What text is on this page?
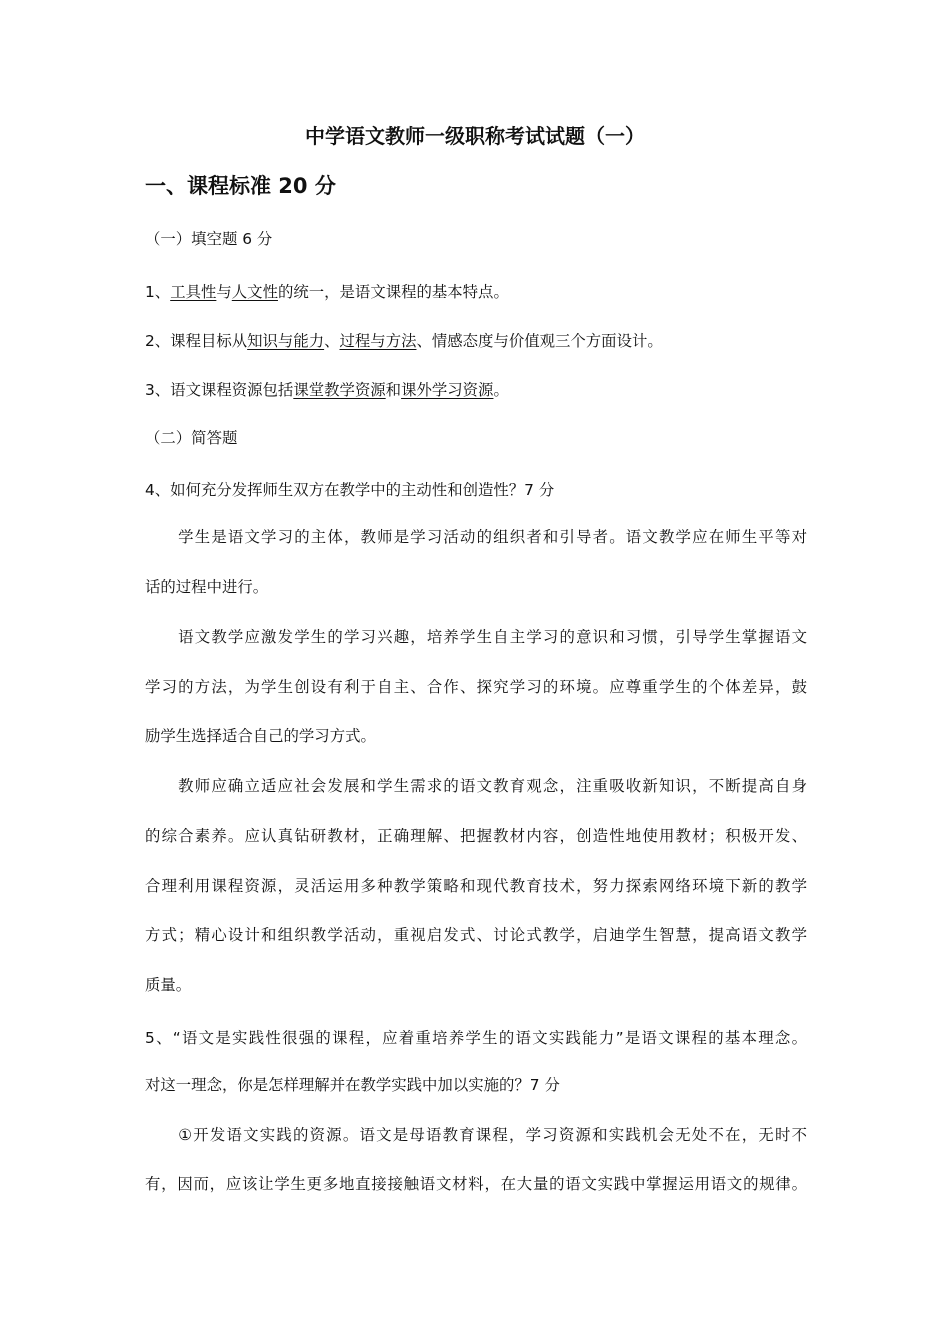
中学语文教师一级职称考试试题（一）
一、课程标准 20 分
（一）填空题 6 分
1、工具性与人文性的统一，是语文课程的基本特点。
2、课程目标从知识与能力、过程与方法、情感态度与价值观三个方面设计。
3、语文课程资源包括课堂教学资源和课外学习资源。
（二）简答题
4、如何充分发挥师生双方在教学中的主动性和创造性？7 分
　　学生是语文学习的主体，教师是学习活动的组织者和引导者。语文教学应在师生平等对
话的过程中进行。
　　语文教学应激发学生的学习兴趣，培养学生自主学习的意识和习惯，引导学生掌握语文
学习的方法，为学生创设有利于自主、合作、探究学习的环境。应尊重学生的个体差异，鼓
励学生选择适合自己的学习方式。
　　教师应确立适应社会发展和学生需求的语文教育观念，注重吸收新知识，不断提高自身
的综合素养。应认真钻研教材，正确理解、把握教材内容，创造性地使用教材；积极开发、
合理利用课程资源，灵活运用多种教学策略和现代教育技术，努力探索网络环境下新的教学
方式；精心设计和组织教学活动，重视启发式、讨论式教学，启迪学生智慧，提高语文教学
质量。
5、“语文是实践性很强的课程，应着重培养学生的语文实践能力”是语文课程的基本理念。
对这一理念，你是怎样理解并在教学实践中加以实施的？7 分
　　①开发语文实践的资源。语文是母语教育课程，学习资源和实践机会无处不在，无时不
有，因而，应该让学生更多地直接接触语文材料，在大量的语文实践中掌握运用语文的规律。
